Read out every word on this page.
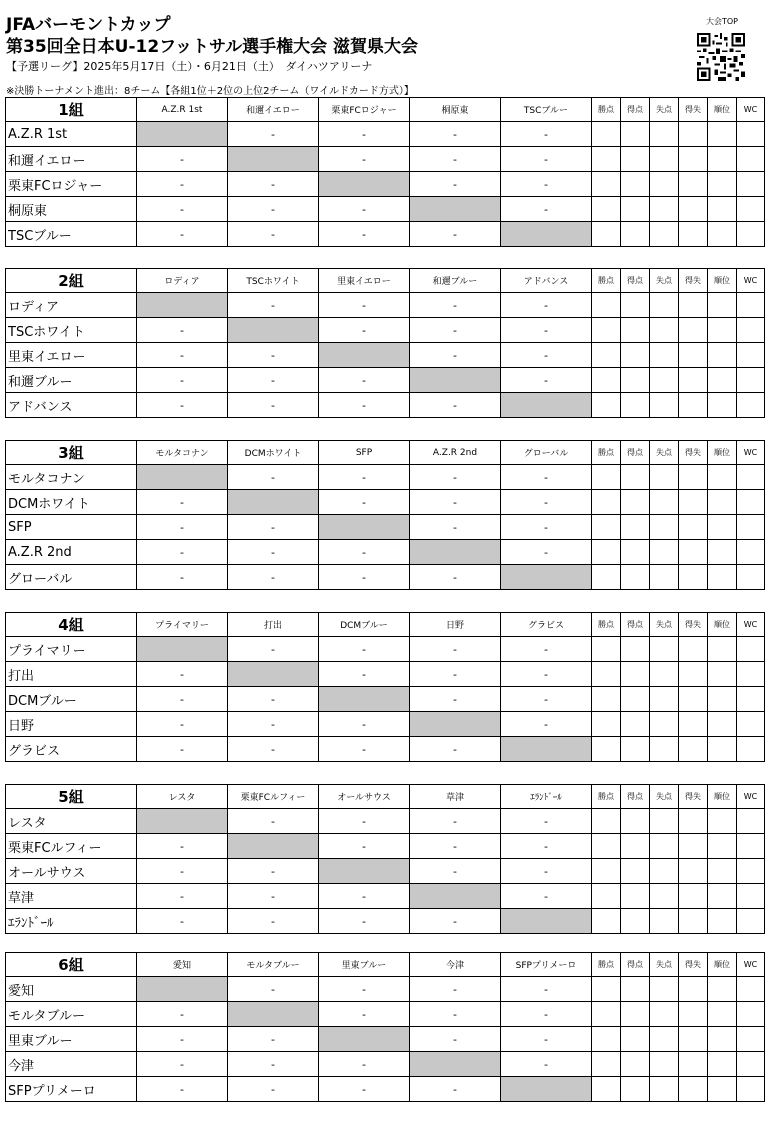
JFAバーモントカップ
第35回全日本U-12フットサル選手権大会 滋賀県大会
【予選リーグ】2025年5月17日（土）・6月21日（土）　ダイハツアリーナ
※決勝トーナメント進出：8チーム【各組1位＋2位の上位2チーム（ワイルドカード方式）】
大会TOP
1組	A.Z.R 1st	和邇イエロー	栗東FCロジャー	桐原東	TSCブルー	勝点	得点	失点	得失	順位	WC
A.Z.R 1st		-	-	-	-						
和邇イエロー	-		-	-	-						
栗東FCロジャー	-	-		-	-						
桐原東	-	-	-		-						
TSCブルー	-	-	-	-							
2組	ロディア	TSCホワイト	里東イエロー	和邇ブルー	アドバンス	勝点	得点	失点	得失	順位	WC
ロディア		-	-	-	-						
TSCホワイト	-		-	-	-						
里東イエロー	-	-		-	-						
和邇ブルー	-	-	-		-						
アドバンス	-	-	-	-							
3組	モルタコナン	DCMホワイト	SFP	A.Z.R 2nd	グローバル	勝点	得点	失点	得失	順位	WC
モルタコナン		-	-	-	-						
DCMホワイト	-		-	-	-						
SFP	-	-		-	-						
A.Z.R 2nd	-	-	-		-						
グローバル	-	-	-	-							
4組	プライマリー	打出	DCMブルー	日野	グラビス	勝点	得点	失点	得失	順位	WC
プライマリー		-	-	-	-						
打出	-		-	-	-						
DCMブルー	-	-		-	-						
日野	-	-	-		-						
グラビス	-	-	-	-							
5組	レスタ	栗東FCルフィー	オールサウス	草津	ｴﾗﾝﾄﾞｰﾙ	勝点	得点	失点	得失	順位	WC
レスタ		-	-	-	-						
栗東FCルフィー	-		-	-	-						
オールサウス	-	-		-	-						
草津	-	-	-		-						
ｴﾗﾝﾄﾞｰﾙ	-	-	-	-							
6組	愛知	モルタブルー	里東ブルー	今津	SFPプリメーロ	勝点	得点	失点	得失	順位	WC
愛知		-	-	-	-						
モルタブルー	-		-	-	-						
里東ブルー	-	-		-	-						
今津	-	-	-		-						
SFPプリメーロ	-	-	-	-							
